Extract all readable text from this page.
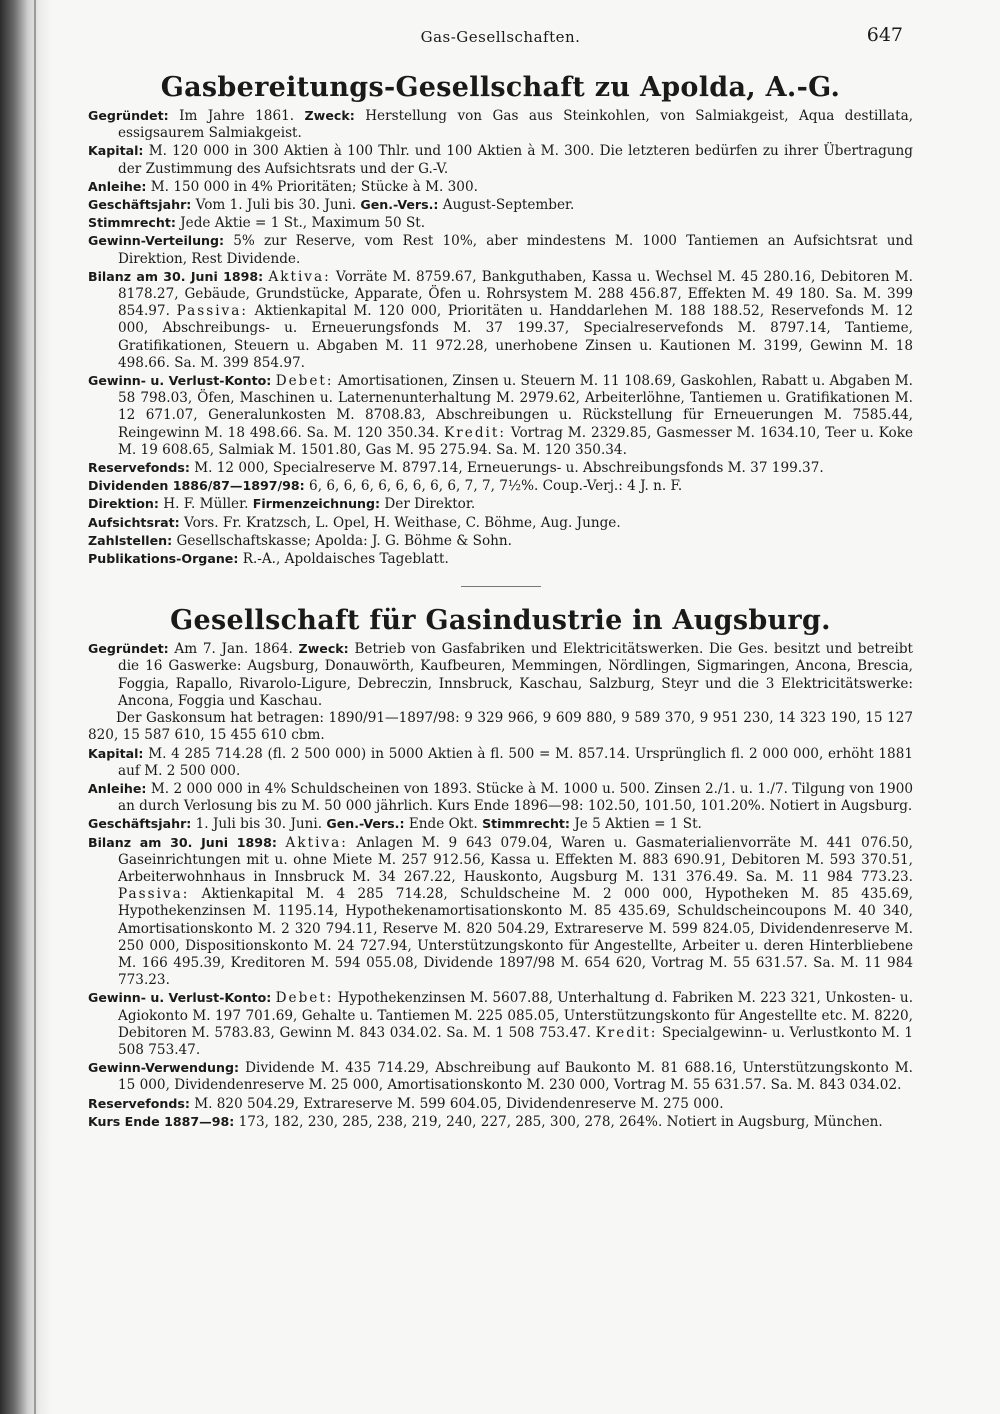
Gas-Gesellschaften.	647
Gasbereitungs-Gesellschaft zu Apolda, A.-G.

Gegründet: Im Jahre 1861. Zweck: Herstellung von Gas aus Steinkohlen, von Salmiakgeist, Aqua destillata, essigsaurem Salmiakgeist.

Kapital: M. 120 000 in 300 Aktien à 100 Thlr. und 100 Aktien à M. 300. Die letzteren bedürfen zu ihrer Übertragung der Zustimmung des Aufsichtsrats und der G.-V.

Anleihe: M. 150 000 in 4% Prioritäten; Stücke à M. 300.

Geschäftsjahr: Vom 1. Juli bis 30. Juni. Gen.-Vers.: August-September.

Stimmrecht: Jede Aktie = 1 St., Maximum 50 St.

Gewinn-Verteilung: 5% zur Reserve, vom Rest 10%, aber mindestens M. 1000 Tantiemen an Aufsichtsrat und Direktion, Rest Dividende.

Bilanz am 30. Juni 1898: Aktiva: Vorräte M. 8759.67, Bankguthaben, Kassa u. Wechsel M. 45 280.16, Debitoren M. 8178.27, Gebäude, Grundstücke, Apparate, Öfen u. Rohrsystem M. 288 456.87, Effekten M. 49 180. Sa. M. 399 854.97. Passiva: Aktienkapital M. 120 000, Prioritäten u. Handdarlehen M. 188 188.52, Reservefonds M. 12 000, Abschreibungs- u. Erneuerungsfonds M. 37 199.37, Specialreservefonds M. 8797.14, Tantieme, Gratifikationen, Steuern u. Abgaben M. 11 972.28, unerhobene Zinsen u. Kautionen M. 3199, Gewinn M. 18 498.66. Sa. M. 399 854.97.

Gewinn- u. Verlust-Konto: Debet: Amortisationen, Zinsen u. Steuern M. 11 108.69, Gaskohlen, Rabatt u. Abgaben M. 58 798.03, Öfen, Maschinen u. Laternenunterhaltung M. 2979.62, Arbeiterlöhne, Tantiemen u. Gratifikationen M. 12 671.07, Generalunkosten M. 8708.83, Abschreibungen u. Rückstellung für Erneuerungen M. 7585.44, Reingewinn M. 18 498.66. Sa. M. 120 350.34. Kredit: Vortrag M. 2329.85, Gasmesser M. 1634.10, Teer u. Koke M. 19 608.65, Salmiak M. 1501.80, Gas M. 95 275.94. Sa. M. 120 350.34.

Reservefonds: M. 12 000, Specialreserve M. 8797.14, Erneuerungs- u. Abschreibungsfonds M. 37 199.37.

Dividenden 1886/87—1897/98: 6, 6, 6, 6, 6, 6, 6, 6, 6, 7, 7, 7½%. Coup.-Verj.: 4 J. n. F.

Direktion: H. F. Müller. Firmenzeichnung: Der Direktor.

Aufsichtsrat: Vors. Fr. Kratzsch, L. Opel, H. Weithase, C. Böhme, Aug. Junge.

Zahlstellen: Gesellschaftskasse; Apolda: J. G. Böhme & Sohn.

Publikations-Organe: R.-A., Apoldaisches Tageblatt.

Gesellschaft für Gasindustrie in Augsburg.

Gegründet: Am 7. Jan. 1864. Zweck: Betrieb von Gasfabriken und Elektricitätswerken. Die Ges. besitzt und betreibt die 16 Gaswerke: Augsburg, Donauwörth, Kaufbeuren, Memmingen, Nördlingen, Sigmaringen, Ancona, Brescia, Foggia, Rapallo, Rivarolo-Ligure, Debreczin, Innsbruck, Kaschau, Salzburg, Steyr und die 3 Elektricitätswerke: Ancona, Foggia und Kaschau.

Der Gaskonsum hat betragen: 1890/91—1897/98: 9 329 966, 9 609 880, 9 589 370, 9 951 230, 14 323 190, 15 127 820, 15 587 610, 15 455 610 cbm.

Kapital: M. 4 285 714.28 (fl. 2 500 000) in 5000 Aktien à fl. 500 = M. 857.14. Ursprünglich fl. 2 000 000, erhöht 1881 auf M. 2 500 000.

Anleihe: M. 2 000 000 in 4% Schuldscheinen von 1893. Stücke à M. 1000 u. 500. Zinsen 2./1. u. 1./7. Tilgung von 1900 an durch Verlosung bis zu M. 50 000 jährlich. Kurs Ende 1896—98: 102.50, 101.50, 101.20%. Notiert in Augsburg.

Geschäftsjahr: 1. Juli bis 30. Juni. Gen.-Vers.: Ende Okt. Stimmrecht: Je 5 Aktien = 1 St.

Bilanz am 30. Juni 1898: Aktiva: Anlagen M. 9 643 079.04, Waren u. Gasmaterialienvorräte M. 441 076.50, Gaseinrichtungen mit u. ohne Miete M. 257 912.56, Kassa u. Effekten M. 883 690.91, Debitoren M. 593 370.51, Arbeiterwohnhaus in Innsbruck M. 34 267.22, Hauskonto, Augsburg M. 131 376.49. Sa. M. 11 984 773.23. Passiva: Aktienkapital M. 4 285 714.28, Schuldscheine M. 2 000 000, Hypotheken M. 85 435.69, Hypothekenzinsen M. 1195.14, Hypothekenamortisationskonto M. 85 435.69, Schuldscheincoupons M. 40 340, Amortisationskonto M. 2 320 794.11, Reserve M. 820 504.29, Extrareserve M. 599 824.05, Dividendenreserve M. 250 000, Dispositionskonto M. 24 727.94, Unterstützungskonto für Angestellte, Arbeiter u. deren Hinterbliebene M. 166 495.39, Kreditoren M. 594 055.08, Dividende 1897/98 M. 654 620, Vortrag M. 55 631.57. Sa. M. 11 984 773.23.

Gewinn- u. Verlust-Konto: Debet: Hypothekenzinsen M. 5607.88, Unterhaltung d. Fabriken M. 223 321, Unkosten- u. Agiokonto M. 197 701.69, Gehalte u. Tantiemen M. 225 085.05, Unterstützungskonto für Angestellte etc. M. 8220, Debitoren M. 5783.83, Gewinn M. 843 034.02. Sa. M. 1 508 753.47. Kredit: Specialgewinn- u. Verlustkonto M. 1 508 753.47.

Gewinn-Verwendung: Dividende M. 435 714.29, Abschreibung auf Baukonto M. 81 688.16, Unterstützungskonto M. 15 000, Dividendenreserve M. 25 000, Amortisationskonto M. 230 000, Vortrag M. 55 631.57. Sa. M. 843 034.02.

Reservefonds: M. 820 504.29, Extrareserve M. 599 604.05, Dividendenreserve M. 275 000.

Kurs Ende 1887—98: 173, 182, 230, 285, 238, 219, 240, 227, 285, 300, 278, 264%. Notiert in Augsburg, München.
